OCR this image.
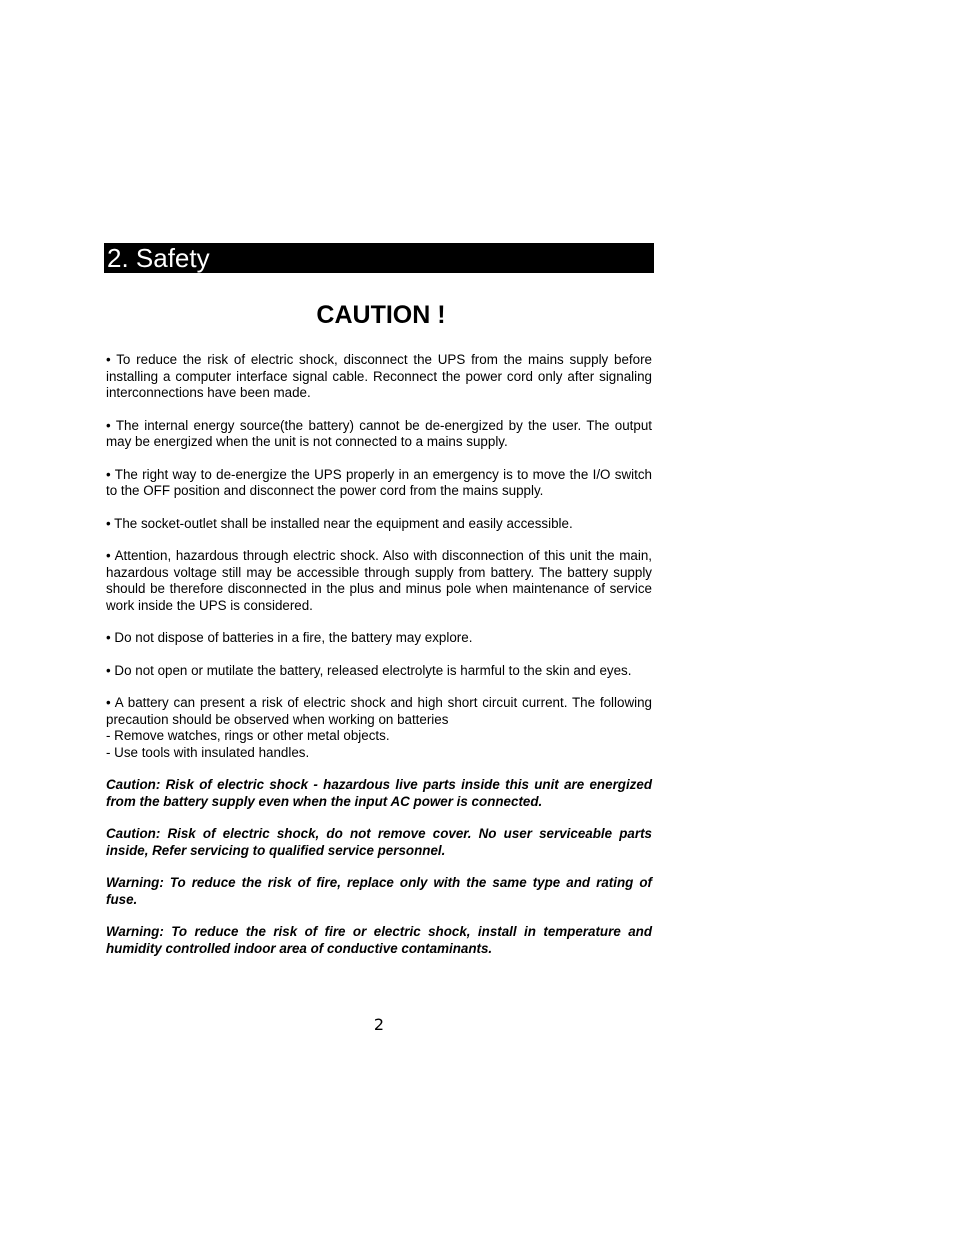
2. Safety
CAUTION !

• To reduce the risk of electric shock, disconnect the UPS from the mains supply before installing a computer interface signal cable. Reconnect the power cord only after signaling interconnections have been made.

• The internal energy source(the battery) cannot be de-energized by the user. The output may be energized when the unit is not connected to a mains supply.

• The right way to de-energize the UPS properly in an emergency is to move the I/O switch to the OFF position and disconnect the power cord from the mains supply.

• The socket-outlet shall be installed near the equipment and easily accessible.

• Attention, hazardous through electric shock. Also with disconnection of this unit the main, hazardous voltage still may be accessible through supply from battery. The battery supply should be therefore disconnected in the plus and minus pole when maintenance of service work inside the UPS is considered.

• Do not dispose of batteries in a fire, the battery may explore.

• Do not open or mutilate the battery, released electrolyte is harmful to the skin and eyes.

• A battery can present a risk of electric shock and high short circuit current. The following precaution should be observed when working on batteries
- Remove watches, rings or other metal objects.
- Use tools with insulated handles.

Caution: Risk of electric shock - hazardous live parts inside this unit are energized from the battery supply even when the input AC power is connected.

Caution: Risk of electric shock, do not remove cover. No user serviceable parts inside, Refer servicing to qualified service personnel.

Warning: To reduce the risk of fire, replace only with the same type and rating of fuse.

Warning: To reduce the risk of fire or electric shock, install in temperature and humidity controlled indoor area of conductive contaminants.

2
